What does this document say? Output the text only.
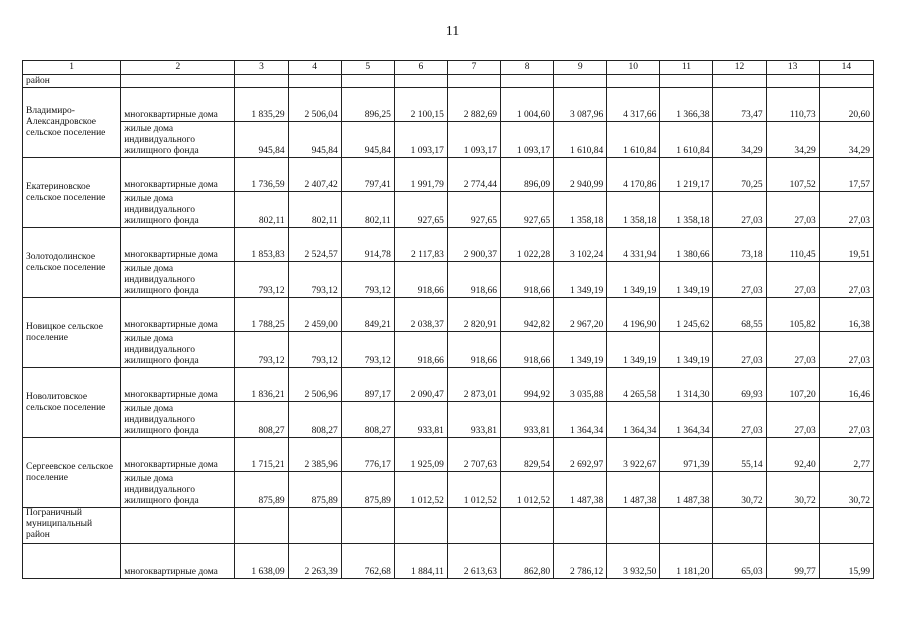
11
1	2	3	4	5	6	7	8	9	10	11	12	13	14
район													
Владимиро-Александровское сельское поселение	многоквартирные дома	1 835,29	2 506,04	896,25	2 100,15	2 882,69	1 004,60	3 087,96	4 317,66	1 366,38	73,47	110,73	20,60
	жилые дома индивидуального жилищного фонда	945,84	945,84	945,84	1 093,17	1 093,17	1 093,17	1 610,84	1 610,84	1 610,84	34,29	34,29	34,29
Екатериновское сельское поселение	многоквартирные дома	1 736,59	2 407,42	797,41	1 991,79	2 774,44	896,09	2 940,99	4 170,86	1 219,17	70,25	107,52	17,57
	жилые дома индивидуального жилищного фонда	802,11	802,11	802,11	927,65	927,65	927,65	1 358,18	1 358,18	1 358,18	27,03	27,03	27,03
Золотодолинское сельское поселение	многоквартирные дома	1 853,83	2 524,57	914,78	2 117,83	2 900,37	1 022,28	3 102,24	4 331,94	1 380,66	73,18	110,45	19,51
	жилые дома индивидуального жилищного фонда	793,12	793,12	793,12	918,66	918,66	918,66	1 349,19	1 349,19	1 349,19	27,03	27,03	27,03
Новицкое сельское поселение	многоквартирные дома	1 788,25	2 459,00	849,21	2 038,37	2 820,91	942,82	2 967,20	4 196,90	1 245,62	68,55	105,82	16,38
	жилые дома индивидуального жилищного фонда	793,12	793,12	793,12	918,66	918,66	918,66	1 349,19	1 349,19	1 349,19	27,03	27,03	27,03
Новолитовское сельское поселение	многоквартирные дома	1 836,21	2 506,96	897,17	2 090,47	2 873,01	994,92	3 035,88	4 265,58	1 314,30	69,93	107,20	16,46
	жилые дома индивидуального жилищного фонда	808,27	808,27	808,27	933,81	933,81	933,81	1 364,34	1 364,34	1 364,34	27,03	27,03	27,03
Сергеевское сельское поселение	многоквартирные дома	1 715,21	2 385,96	776,17	1 925,09	2 707,63	829,54	2 692,97	3 922,67	971,39	55,14	92,40	2,77
	жилые дома индивидуального жилищного фонда	875,89	875,89	875,89	1 012,52	1 012,52	1 012,52	1 487,38	1 487,38	1 487,38	30,72	30,72	30,72
Пограничный муниципальный район													
	многоквартирные дома	1 638,09	2 263,39	762,68	1 884,11	2 613,63	862,80	2 786,12	3 932,50	1 181,20	65,03	99,77	15,99
